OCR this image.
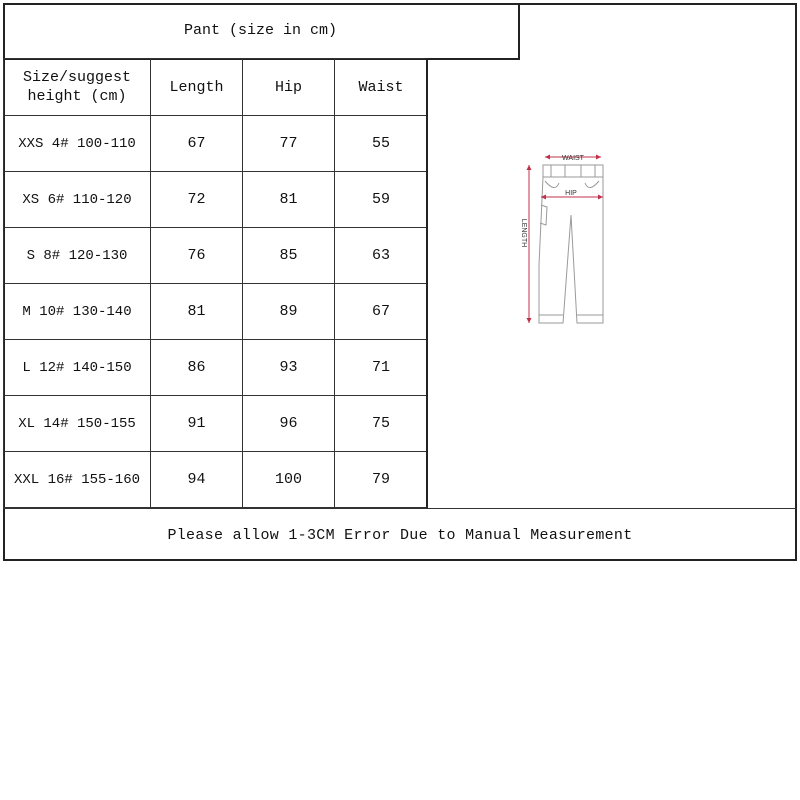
Pant (size in cm)
Size/suggest
height (cm)	Length	Hip	Waist
XXS 4# 100-110	67	77	55
XS 6# 110-120	72	81	59
S 8# 120-130	76	85	63
M 10# 130-140	81	89	67
L 12# 140-150	86	93	71
XL 14# 150-155	91	96	75
XXL 16# 155-160	94	100	79
Please allow 1-3CM Error Due to Manual Measurement
WAIST
HIP
LENGTH
